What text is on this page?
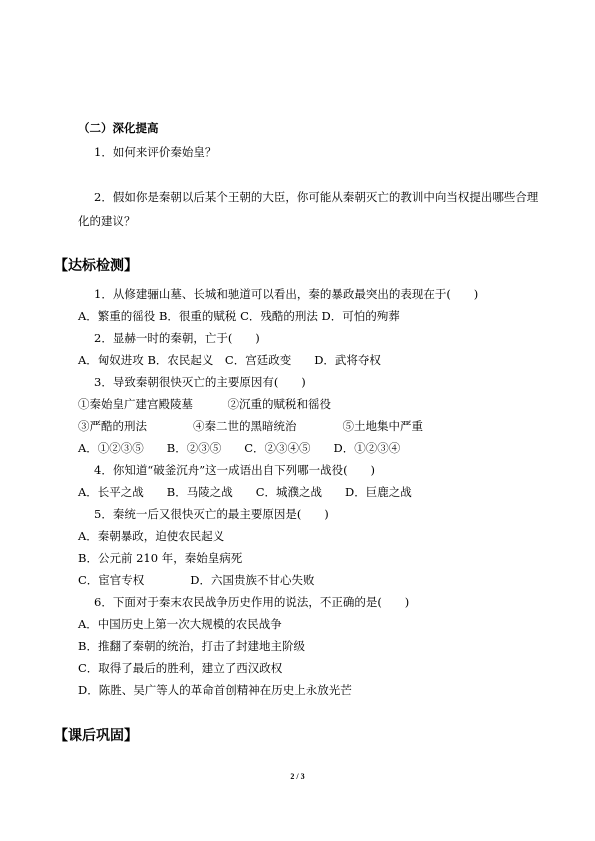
（二）深化提高
1．如何来评价秦始皇？
2．假如你是秦朝以后某个王朝的大臣，你可能从秦朝灭亡的教训中向当权提出哪些合理
化的建议？
【达标检测】
1．从修建骊山墓、长城和驰道可以看出，秦的暴政最突出的表现在于(　　)
A．繁重的徭役 B．很重的赋税 C．残酷的刑法 D．可怕的殉葬
2．显赫一时的秦朝，亡于(　　)
A．匈奴进攻 B．农民起义　C．宫廷政变　　D．武将夺权
3．导致秦朝很快灭亡的主要原因有(　　)
①秦始皇广建宫殿陵墓　　　②沉重的赋税和徭役
③严酷的刑法　　　　④秦二世的黑暗统治　　　　⑤土地集中严重
A．①②③⑤　　B．②③⑤　　C．②③④⑤　　D．①②③④
4．你知道“破釜沉舟”这一成语出自下列哪一战役(　　)
A．长平之战　　B．马陵之战　　C．城濮之战　　D．巨鹿之战
5．秦统一后又很快灭亡的最主要原因是(　　)
A．秦朝暴政，迫使农民起义
B．公元前 210 年，秦始皇病死
C．宦官专权　　　　D．六国贵族不甘心失败
6．下面对于秦末农民战争历史作用的说法，不正确的是(　　)
A．中国历史上第一次大规模的农民战争
B．推翻了秦朝的统治，打击了封建地主阶级
C．取得了最后的胜利，建立了西汉政权
D．陈胜、吴广等人的革命首创精神在历史上永放光芒
【课后巩固】
2 / 3
